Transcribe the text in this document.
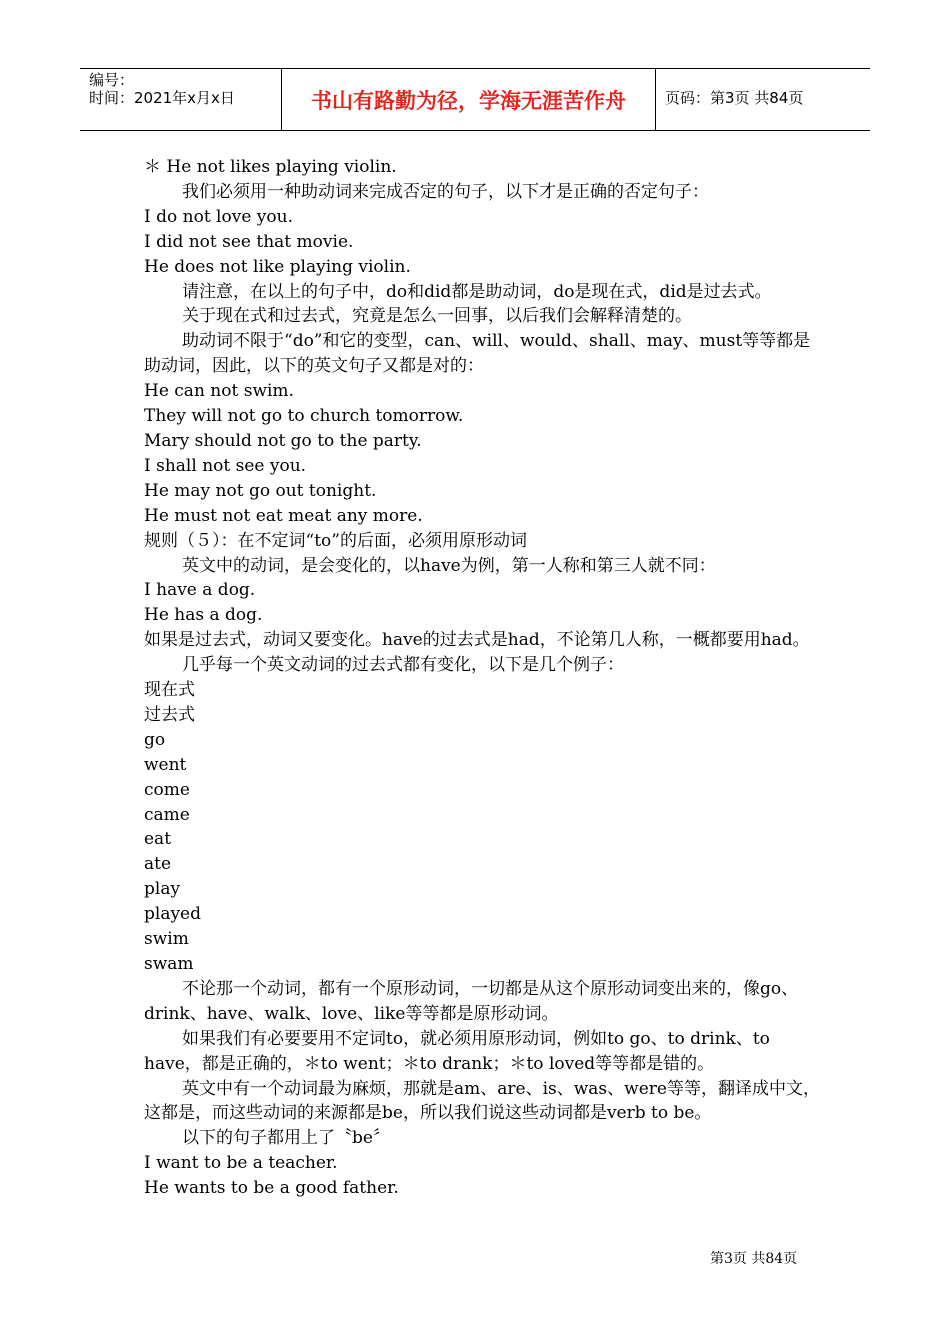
编号：
时间：2021年x月x日	书山有路勤为径，学海无涯苦作舟	页码：第3页 共84页

＊ He not likes playing violin.

我们必须用一种助动词来完成否定的句子，以下才是正确的否定句子：

I do not love you.

I did not see that movie.

He does not like playing violin.

请注意，在以上的句子中，do和did都是助动词，do是现在式，did是过去式。

关于现在式和过去式，究竟是怎么一回事，以后我们会解释清楚的。

助动词不限于“do”和它的变型，can、will、would、shall、may、must等等都是助动词，因此，以下的英文句子又都是对的：

He can not swim.

They will not go to church tomorrow.

Mary should not go to the party.

I shall not see you.

He may not go out tonight.

He must not eat meat any more.

规则（５）：在不定词“to”的后面，必须用原形动词

英文中的动词，是会变化的，以have为例，第一人称和第三人就不同：

I have a dog.

He has a dog.

如果是过去式，动词又要变化。have的过去式是had，不论第几人称，一概都要用had。

几乎每一个英文动词的过去式都有变化，以下是几个例子：

现在式

过去式

go

went

come

came

eat

ate

play

played

swim

swam

不论那一个动词，都有一个原形动词，一切都是从这个原形动词变出来的，像go、drink、have、walk、love、like等等都是原形动词。

如果我们有必要要用不定词to，就必须用原形动词，例如to go、to drink、to have，都是正确的，＊to went；＊to drank；＊to loved等等都是错的。

英文中有一个动词最为麻烦，那就是am、are、is、was、were等等，翻译成中文，这都是，而这些动词的来源都是be，所以我们说这些动词都是verb to be。

以下的句子都用上了〝be〞

I want to be a teacher.

He wants to be a good father.

第3页 共84页
